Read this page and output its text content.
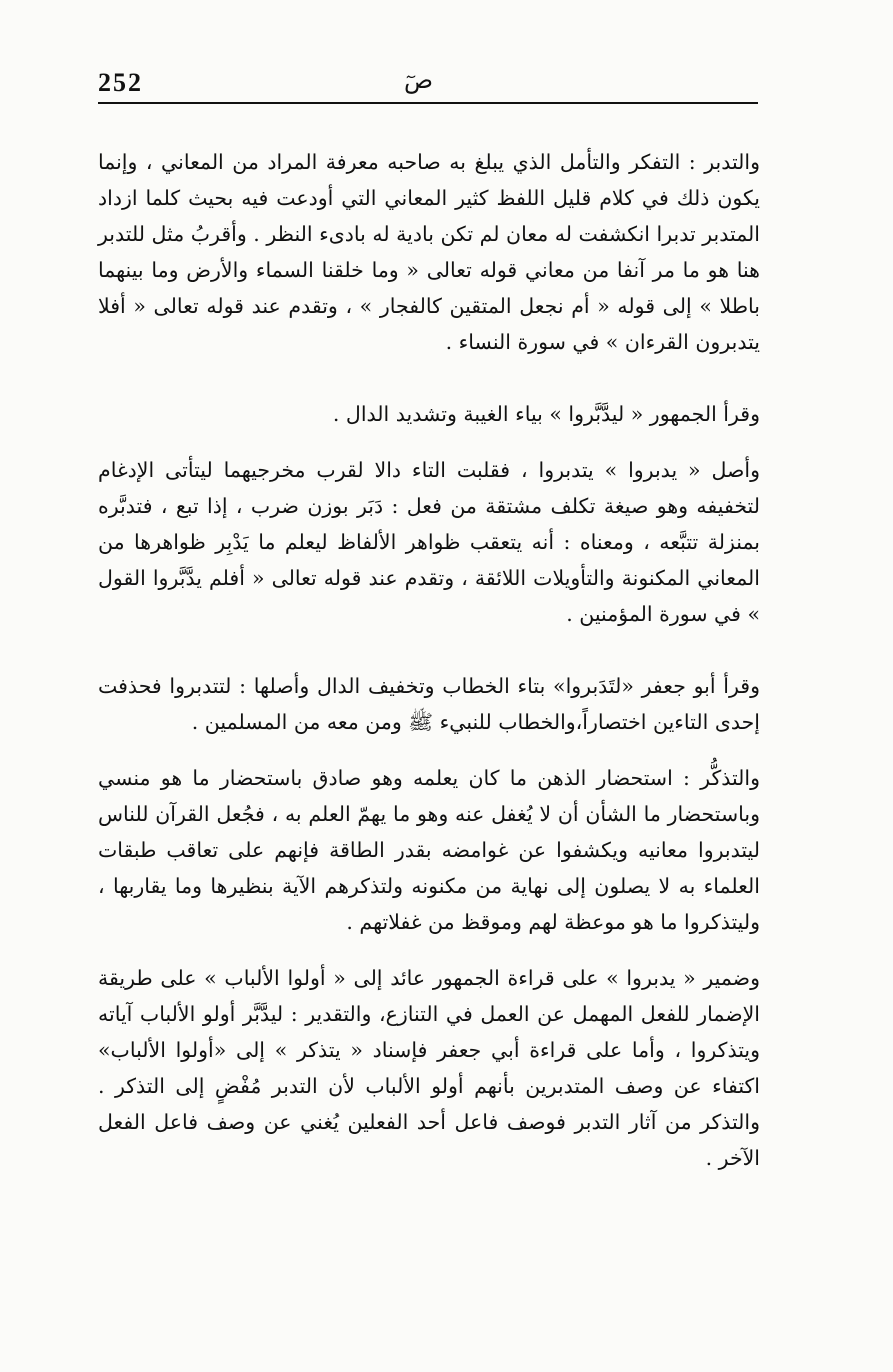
252	صٓ

والتدبر : التفكر والتأمل الذي يبلغ به صاحبه معرفة المراد من المعاني ، وإنما يكون ذلك في كلام قليل اللفظ كثير المعاني التي أودعت فيه بحيث كلما ازداد المتدبر تدبرا انكشفت له معان لم تكن بادية له بادىء النظر . وأقربُ مثل للتدبر هنا هو ما مر آنفا من معاني قوله تعالى « وما خلقنا السماء والأرض وما بينهما باطلا » إلى قوله « أم نجعل المتقين كالفجار » ، وتقدم عند قوله تعالى « أفلا يتدبرون القرءان » في سورة النساء .

وقرأ الجمهور « ليدَّبَّروا » بياء الغيبة وتشديد الدال .

وأصل « يدبروا » يتدبروا ، فقلبت التاء دالا لقرب مخرجيهما ليتأتى الإدغام لتخفيفه وهو صيغة تكلف مشتقة من فعل : دَبَر بوزن ضرب ، إذا تبع ، فتدبَّره بمنزلة تتبَّعه ، ومعناه : أنه يتعقب ظواهر الألفاظ ليعلم ما يَدْبِر ظواهرها من المعاني المكنونة والتأويلات اللائقة ، وتقدم عند قوله تعالى « أفلم يدَّبَّروا القول » في سورة المؤمنين .

وقرأ أبو جعفر «لتَدَبروا» بتاء الخطاب وتخفيف الدال وأصلها : لتتدبروا فحذفت إحدى التاءين اختصاراً،والخطاب للنبيء ﷺ ومن معه من المسلمين .

والتذكُّر : استحضار الذهن ما كان يعلمه وهو صادق باستحضار ما هو منسي وباستحضار ما الشأن أن لا يُغفل عنه وهو ما يهمّ العلم به ، فجُعل القرآن للناس ليتدبروا معانيه ويكشفوا عن غوامضه بقدر الطاقة فإنهم على تعاقب طبقات العلماء به لا يصلون إلى نهاية من مكنونه ولتذكرهم الآية بنظيرها وما يقاربها ، وليتذكروا ما هو موعظة لهم وموقظ من غفلاتهم .

وضمير « يدبروا » على قراءة الجمهور عائد إلى « أولوا الألباب » على طريقة الإضمار للفعل المهمل عن العمل في التنازع، والتقدير : ليدَّبَّر أولو الألباب آياته ويتذكروا ، وأما على قراءة أبي جعفر فإسناد « يتذكر » إلى «أولوا الألباب» اكتفاء عن وصف المتدبرين بأنهم أولو الألباب لأن التدبر مُفْضٍ إلى التذكر . والتذكر من آثار التدبر فوصف فاعل أحد الفعلين يُغني عن وصف فاعل الفعل الآخر .
